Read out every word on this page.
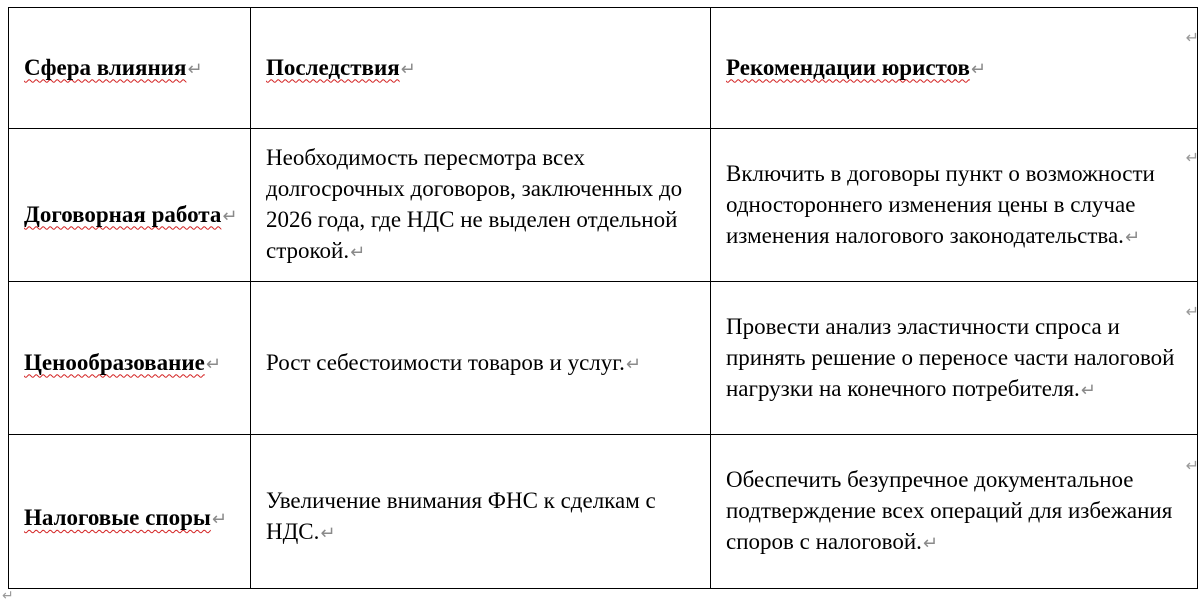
Сфера влияния↵	Последствия↵	Рекомендации юристов↵
Договорная работа↵	Необходимость пересмотра всех долгосрочных договоров, заключенных до 2026 года, где НДС не выделен отдельной строкой.↵	Включить в договоры пункт о возможности одностороннего изменения цены в случае изменения налогового законодательства.↵
Ценообразование↵	Рост себестоимости товаров и услуг.↵	Провести анализ эластичности спроса и принять решение о переносе части налоговой нагрузки на конечного потребителя.↵
Налоговые споры↵	Увеличение внимания ФНС к сделкам с НДС.↵	Обеспечить безупречное документальное подтверждение всех операций для избежания споров с налоговой.↵
↵
↵
↵
↵
↵
